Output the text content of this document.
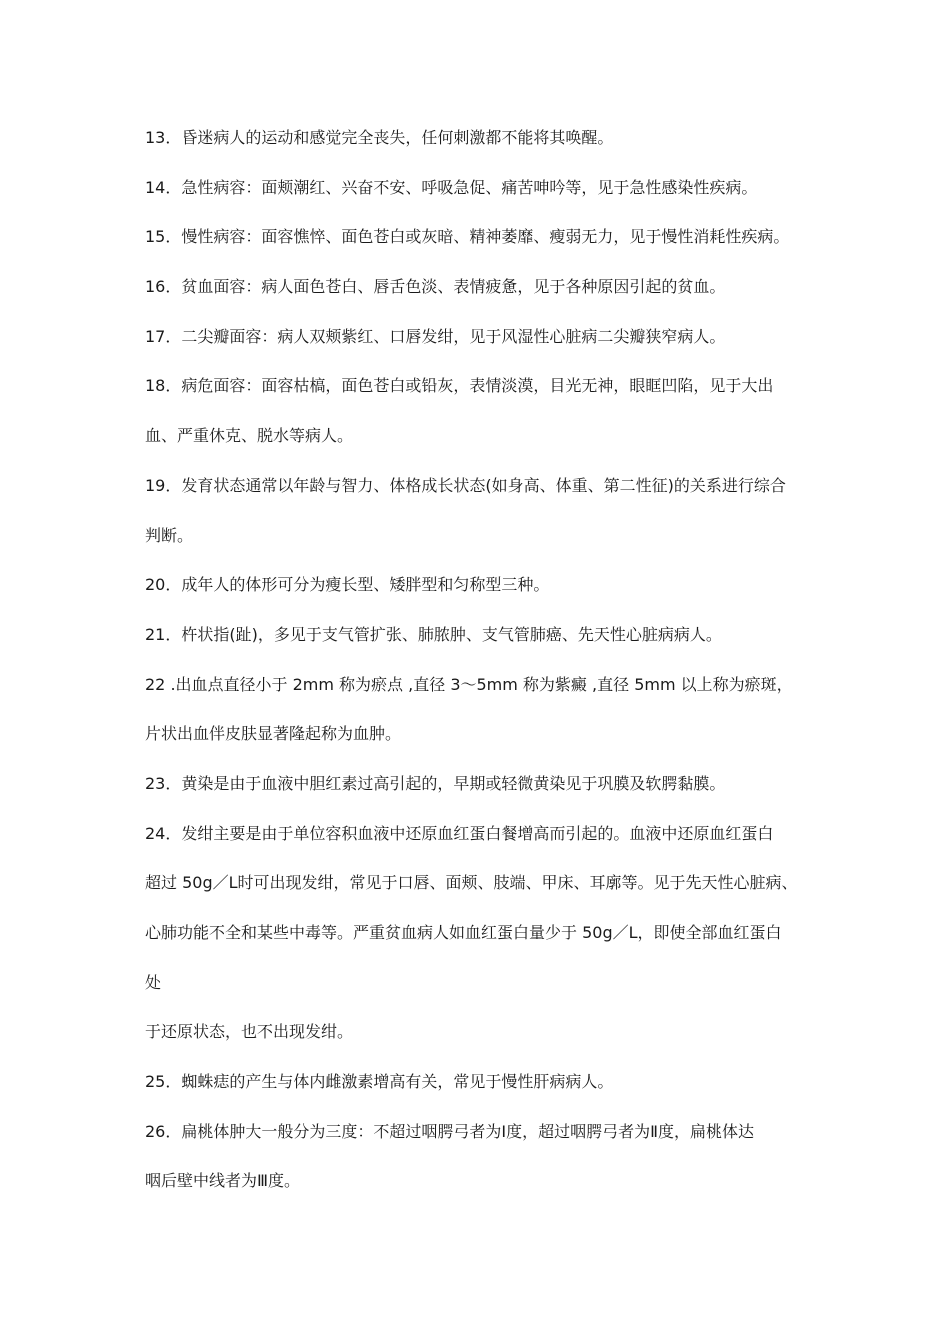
13．昏迷病人的运动和感觉完全丧失，任何刺激都不能将其唤醒。
14．急性病容：面颊潮红、兴奋不安、呼吸急促、痛苦呻吟等，见于急性感染性疾病。
15．慢性病容：面容憔悴、面色苍白或灰暗、精神萎靡、瘦弱无力，见于慢性消耗性疾病。
16．贫血面容：病人面色苍白、唇舌色淡、表情疲惫，见于各种原因引起的贫血。
17．二尖瓣面容：病人双颊紫红、口唇发绀，见于风湿性心脏病二尖瓣狭窄病人。
18．病危面容：面容枯槁，面色苍白或铅灰，表情淡漠，目光无神，眼眶凹陷，见于大出
血、严重休克、脱水等病人。
19．发育状态通常以年龄与智力、体格成长状态(如身高、体重、第二性征)的关系进行综合
判断。
20．成年人的体形可分为瘦长型、矮胖型和匀称型三种。
21．杵状指(趾)，多见于支气管扩张、肺脓肿、支气管肺癌、先天性心脏病病人。
22 .出血点直径小于 2mm 称为瘀点 ,直径 3～5mm 称为紫癜 ,直径 5mm 以上称为瘀斑，
片状出血伴皮肤显著隆起称为血肿。
23．黄染是由于血液中胆红素过高引起的，早期或轻微黄染见于巩膜及软腭黏膜。
24．发绀主要是由于单位容积血液中还原血红蛋白餐增高而引起的。血液中还原血红蛋白
超过 50g／L时可出现发绀，常见于口唇、面颊、肢端、甲床、耳廓等。见于先天性心脏病、
心肺功能不全和某些中毒等。严重贫血病人如血红蛋白量少于 50g／L，即使全部血红蛋白
处
于还原状态，也不出现发绀。
25．蜘蛛痣的产生与体内雌激素增高有关，常见于慢性肝病病人。
26．扁桃体肿大一般分为三度：不超过咽腭弓者为Ⅰ度，超过咽腭弓者为Ⅱ度，扁桃体达
咽后壁中线者为Ⅲ度。
